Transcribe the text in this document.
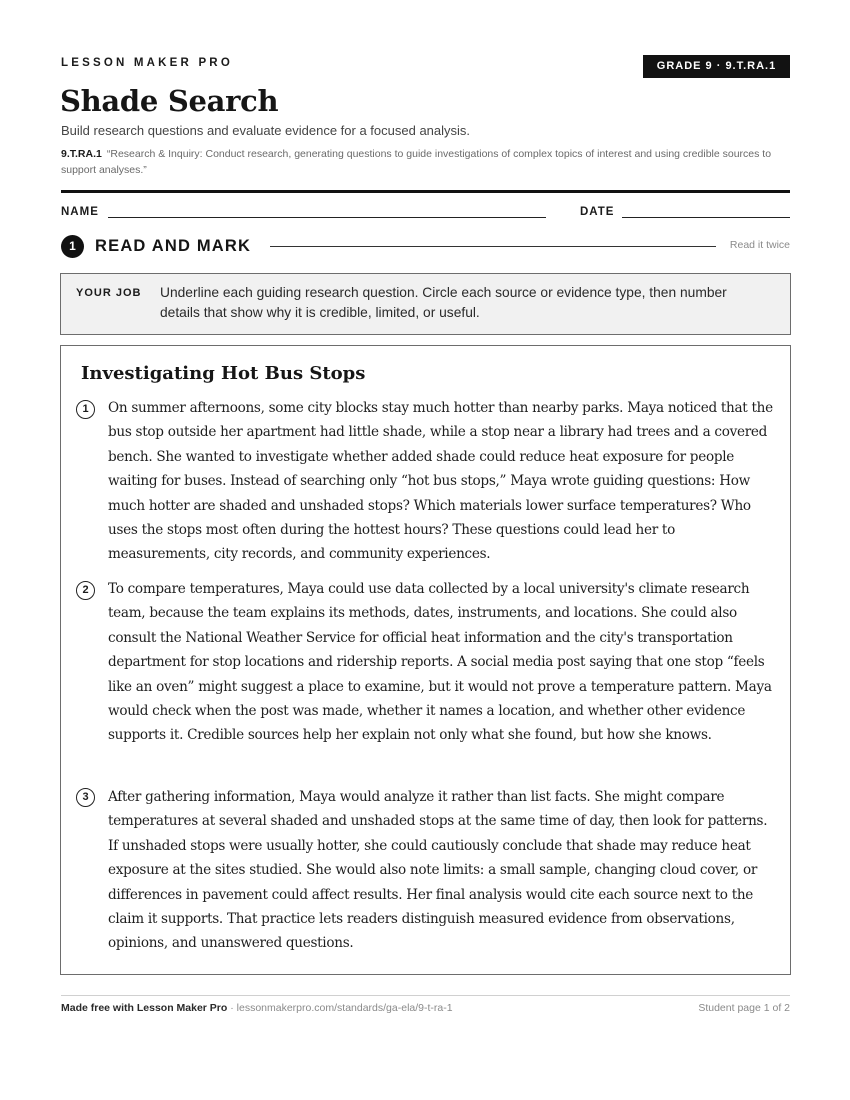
LESSON MAKER PRO	GRADE 9 · 9.T.RA.1
Shade Search
Build research questions and evaluate evidence for a focused analysis.
9.T.RA.1 “Research & Inquiry: Conduct research, generating questions to guide investigations of complex topics of interest and using credible sources to support analyses.”
NAME	DATE
1	READ AND MARK	Read it twice
YOUR JOB Underline each guiding research question. Circle each source or evidence type, then number details that show why it is credible, limited, or useful.
Investigating Hot Bus Stops
1	On summer afternoons, some city blocks stay much hotter than nearby parks. Maya noticed that the bus stop outside her apartment had little shade, while a stop near a library had trees and a covered bench. She wanted to investigate whether added shade could reduce heat exposure for people waiting for buses. Instead of searching only “hot bus stops,” Maya wrote guiding questions: How much hotter are shaded and unshaded stops? Which materials lower surface temperatures? Who uses the stops most often during the hottest hours? These questions could lead her to measurements, city records, and community experiences.

2	To compare temperatures, Maya could use data collected by a local university's climate research team, because the team explains its methods, dates, instruments, and locations. She could also consult the National Weather Service for official heat information and the city's transportation department for stop locations and ridership reports. A social media post saying that one stop “feels like an oven” might suggest a place to examine, but it would not prove a temperature pattern. Maya would check when the post was made, whether it names a location, and whether other evidence supports it. Credible sources help her explain not only what she found, but how she knows.

3	After gathering information, Maya would analyze it rather than list facts. She might compare temperatures at several shaded and unshaded stops at the same time of day, then look for patterns. If unshaded stops were usually hotter, she could cautiously conclude that shade may reduce heat exposure at the sites studied. She would also note limits: a small sample, changing cloud cover, or differences in pavement could affect results. Her final analysis would cite each source next to the claim it supports. That practice lets readers distinguish measured evidence from observations, opinions, and unanswered questions.

Made free with Lesson Maker Pro · lessonmakerpro.com/standards/ga-ela/9-t-ra-1	Student page 1 of 2
